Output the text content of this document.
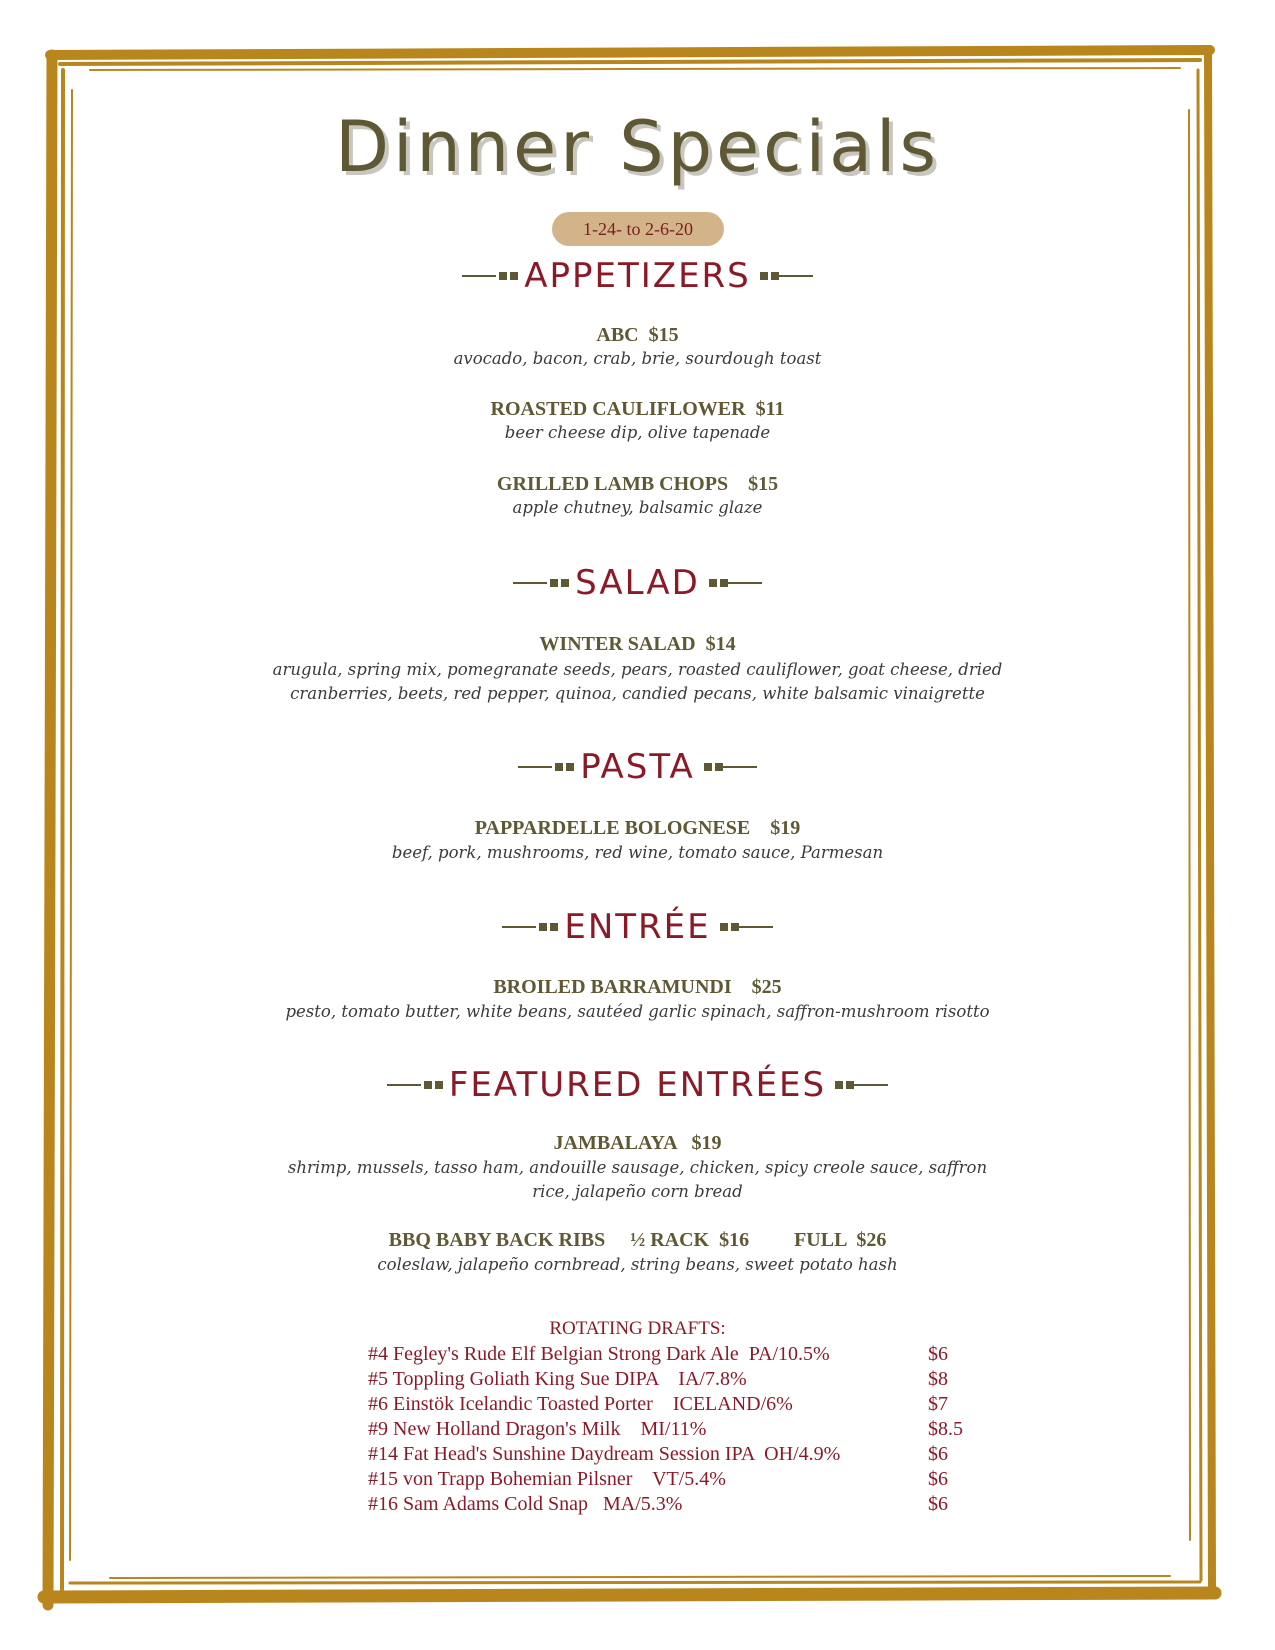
Dinner Specials
1-24- to 2-6-20
APPETIZERS
ABC  $15
avocado, bacon, crab, brie, sourdough toast
ROASTED CAULIFLOWER  $11
beer cheese dip, olive tapenade
GRILLED LAMB CHOPS    $15
apple chutney, balsamic glaze
SALAD
WINTER SALAD  $14
arugula, spring mix, pomegranate seeds, pears, roasted cauliflower, goat cheese, dried
cranberries, beets, red pepper, quinoa, candied pecans, white balsamic vinaigrette
PASTA
PAPPARDELLE BOLOGNESE    $19
beef, pork, mushrooms, red wine, tomato sauce, Parmesan
ENTRÉE
BROILED BARRAMUNDI    $25
pesto, tomato butter, white beans, sautéed garlic spinach, saffron-mushroom risotto
FEATURED ENTRÉES
JAMBALAYA   $19
shrimp, mussels, tasso ham, andouille sausage, chicken, spicy creole sauce, saffron
rice, jalapeño corn bread
BBQ BABY BACK RIBS     ½ RACK  $16         FULL  $26
coleslaw, jalapeño cornbread, string beans, sweet potato hash
ROTATING DRAFTS:
#4 Fegley's Rude Elf Belgian Strong Dark Ale  PA/10.5%	$6
#5 Toppling Goliath King Sue DIPA    IA/7.8%	$8
#6 Einstök Icelandic Toasted Porter    ICELAND/6%	$7
#9 New Holland Dragon's Milk    MI/11%	$8.5
#14 Fat Head's Sunshine Daydream Session IPA  OH/4.9%	$6
#15 von Trapp Bohemian Pilsner    VT/5.4%	$6
#16 Sam Adams Cold Snap   MA/5.3%	$6
